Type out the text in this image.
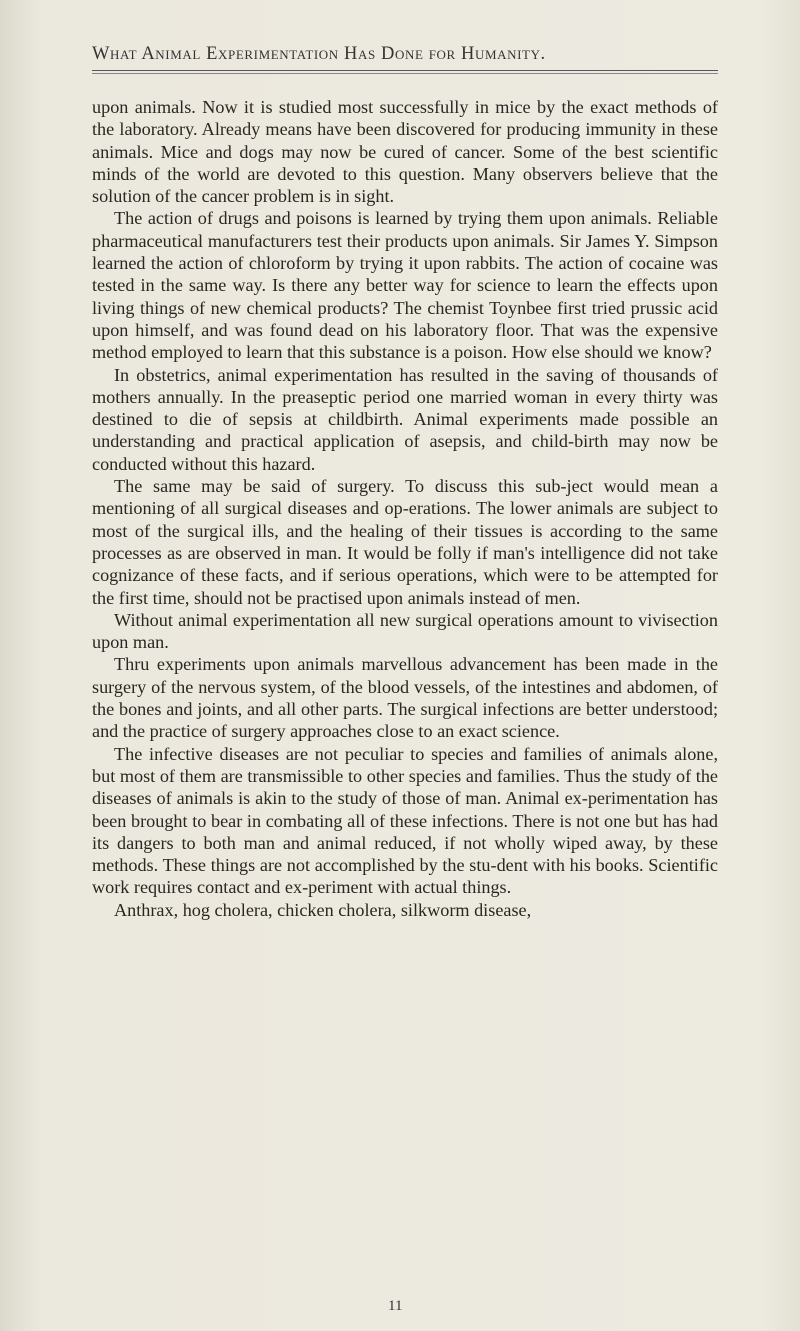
What Animal Experimentation Has Done for Humanity.

upon animals. Now it is studied most successfully in mice by the exact methods of the laboratory. Already means have been discovered for producing immunity in these animals. Mice and dogs may now be cured of cancer. Some of the best scientific minds of the world are devoted to this question. Many observers believe that the solution of the cancer problem is in sight.

The action of drugs and poisons is learned by trying them upon animals. Reliable pharmaceutical manufacturers test their products upon animals. Sir James Y. Simpson learned the action of chloroform by trying it upon rabbits. The action of cocaine was tested in the same way. Is there any better way for science to learn the effects upon living things of new chemical products? The chemist Toynbee first tried prussic acid upon himself, and was found dead on his laboratory floor. That was the expensive method employed to learn that this substance is a poison. How else should we know?

In obstetrics, animal experimentation has resulted in the saving of thousands of mothers annually. In the preaseptic period one married woman in every thirty was destined to die of sepsis at childbirth. Animal experiments made possible an understanding and practical application of asepsis, and child-birth may now be conducted without this hazard.

The same may be said of surgery. To discuss this sub-ject would mean a mentioning of all surgical diseases and op-erations. The lower animals are subject to most of the surgical ills, and the healing of their tissues is according to the same processes as are observed in man. It would be folly if man's intelligence did not take cognizance of these facts, and if serious operations, which were to be attempted for the first time, should not be practised upon animals instead of men.

Without animal experimentation all new surgical operations amount to vivisection upon man.

Thru experiments upon animals marvellous advancement has been made in the surgery of the nervous system, of the blood vessels, of the intestines and abdomen, of the bones and joints, and all other parts. The surgical infections are better understood; and the practice of surgery approaches close to an exact science.

The infective diseases are not peculiar to species and families of animals alone, but most of them are transmissible to other species and families. Thus the study of the diseases of animals is akin to the study of those of man. Animal ex-perimentation has been brought to bear in combating all of these infections. There is not one but has had its dangers to both man and animal reduced, if not wholly wiped away, by these methods. These things are not accomplished by the stu-dent with his books. Scientific work requires contact and ex-periment with actual things.

Anthrax, hog cholera, chicken cholera, silkworm disease,

11
